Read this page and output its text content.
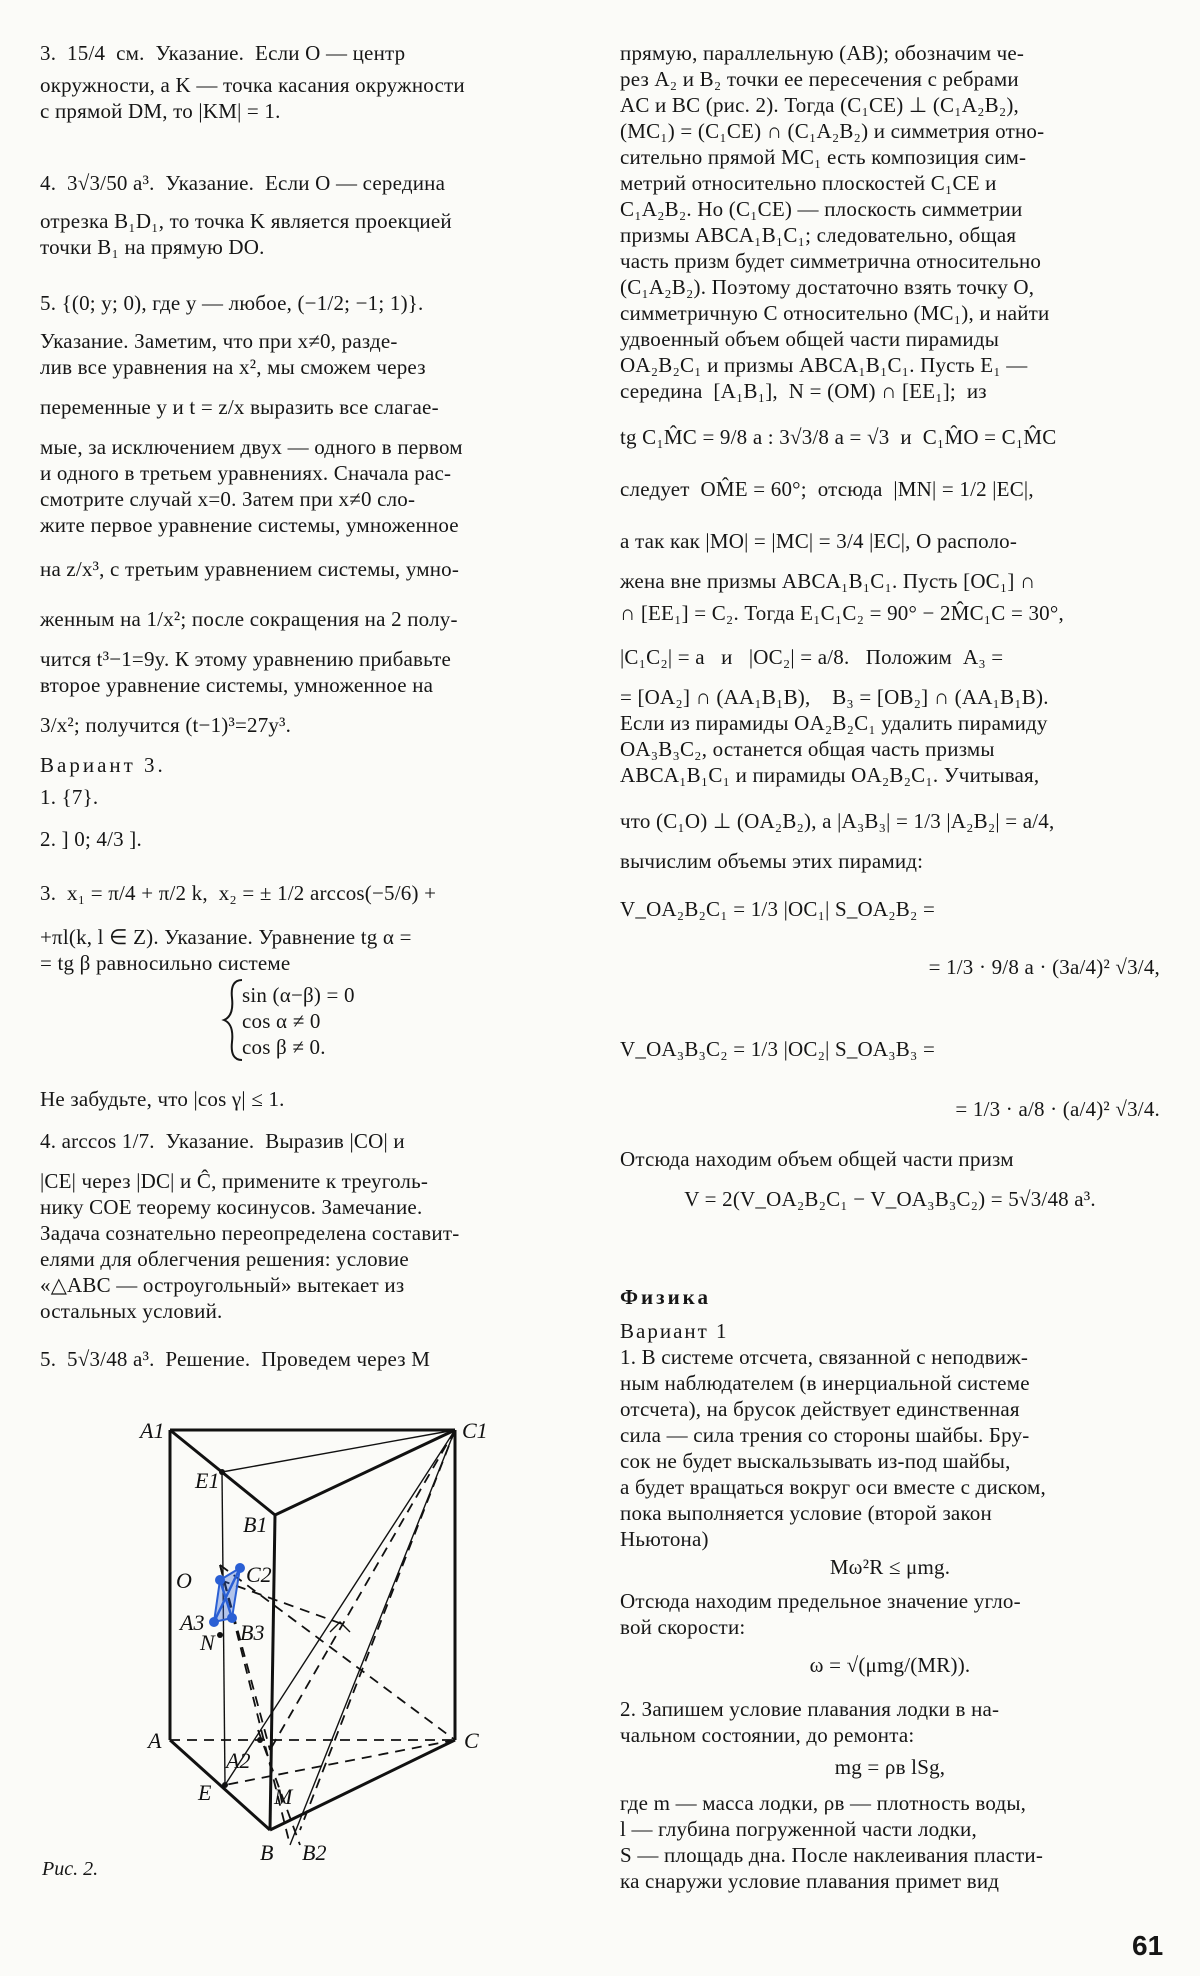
3.  15/4  см.  Указание.  Если O — центр
окружности, а K — точка касания окружности
с прямой DM, то |KM| = 1.
4.  3√3/50 a³.  Указание.  Если O — середина
отрезка B₁D₁, то точка K является проекцией
точки B₁ на прямую DO.
5. {(0; y; 0), где y — любое, (−1/2; −1; 1)}.
Указание. Заметим, что при x≠0, разде-
лив все уравнения на x², мы сможем через
переменные y и t = z/x выразить все слагае-
мые, за исключением двух — одного в первом
и одного в третьем уравнениях. Сначала рас-
смотрите случай x=0. Затем при x≠0 сло-
жите первое уравнение системы, умноженное
на z/x³, с третьим уравнением системы, умно-
женным на 1/x²; после сокращения на 2 полу-
чится t³−1=9y. К этому уравнению прибавьте
второе уравнение системы, умноженное на
3/x²; получится (t−1)³=27y³.
Вариант 3.
1. {7}.
2. ] 0; 4/3 ].
3.  x₁ = π/4 + π/2 k,  x₂ = ± 1/2 arccos(−5/6) +
+πl(k, l ∈ Z). Указание. Уравнение tg α =
= tg β равносильно системе
sin (α−β) = 0
cos α ≠ 0
cos β ≠ 0.
Не забудьте, что |cos γ| ≤ 1.
4. arccos 1/7.  Указание.  Выразив |CO| и
|CE| через |DC| и Ĉ, примените к треуголь-
нику COE теорему косинусов. Замечание.
Задача сознательно переопределена составит-
елями для облегчения решения: условие
«△ABC — остроугольный» вытекает из
остальных условий.
5.  5√3/48 a³.  Решение.  Проведем через M
A1	C1
E1
B1
O C2
A3
N B3
A	C
A2
E	M
B B2
Рис. 2.
прямую, параллельную (AB); обозначим че-
рез A₂ и B₂ точки ее пересечения с ребрами
AC и BC (рис. 2). Тогда (C₁CE) ⊥ (C₁A₂B₂),
(MC₁) = (C₁CE) ∩ (C₁A₂B₂) и симметрия отно-
сительно прямой MC₁ есть композиция сим-
метрий относительно плоскостей C₁CE и
C₁A₂B₂. Но (C₁CE) — плоскость симметрии
призмы ABCA₁B₁C₁; следовательно, общая
часть призм будет симметрична относительно
(C₁A₂B₂). Поэтому достаточно взять точку O,
симметричную C относительно (MC₁), и найти
удвоенный объем общей части пирамиды
OA₂B₂C₁ и призмы ABCA₁B₁C₁. Пусть E₁ —
середина  [A₁B₁],  N = (OM) ∩ [EE₁];  из
tg C₁M̂C = 9/8 a : 3√3/8 a = √3  и  C₁M̂O = C₁M̂C
следует  OM̂E = 60°;  отсюда  |MN| = 1/2 |EC|,
а так как |MO| = |MC| = 3/4 |EC|, O располо-
жена вне призмы ABCA₁B₁C₁. Пусть [OC₁] ∩
∩ [EE₁] = C₂. Тогда E₁C₁C₂ = 90° − 2M̂C₁C = 30°,
|C₁C₂| = a   и   |OC₂| = a/8.   Положим  A₃ =
= [OA₂] ∩ (AA₁B₁B),    B₃ = [OB₂] ∩ (AA₁B₁B).
Если из пирамиды OA₂B₂C₁ удалить пирамиду
OA₃B₃C₂, останется общая часть призмы
ABCA₁B₁C₁ и пирамиды OA₂B₂C₁. Учитывая,
что (C₁O) ⊥ (OA₂B₂), а |A₃B₃| = 1/3 |A₂B₂| = a/4,
вычислим объемы этих пирамид:
V_OA₂B₂C₁ = 1/3 |OC₁| S_OA₂B₂ =
= 1/3 · 9/8 a · (3a/4)² √3/4,
V_OA₃B₃C₂ = 1/3 |OC₂| S_OA₃B₃ =
= 1/3 · a/8 · (a/4)² √3/4.
Отсюда находим объем общей части призм
V = 2(V_OA₂B₂C₁ − V_OA₃B₃C₂) = 5√3/48 a³.
Физика
Вариант 1
1. В системе отсчета, связанной с неподвиж-
ным наблюдателем (в инерциальной системе
отсчета), на брусок действует единственная
сила — сила трения со стороны шайбы. Бру-
сок не будет выскальзывать из-под шайбы,
а будет вращаться вокруг оси вместе с диском,
пока выполняется условие (второй закон
Ньютона)
Mω²R ≤ μmg.
Отсюда находим предельное значение угло-
вой скорости:
ω = √(μmg/(MR)).
2. Запишем условие плавания лодки в на-
чальном состоянии, до ремонта:
mg = ρв lSg,
где m — масса лодки, ρв — плотность воды,
l — глубина погруженной части лодки,
S — площадь дна. После наклеивания пласти-
ка снаружи условие плавания примет вид
61
